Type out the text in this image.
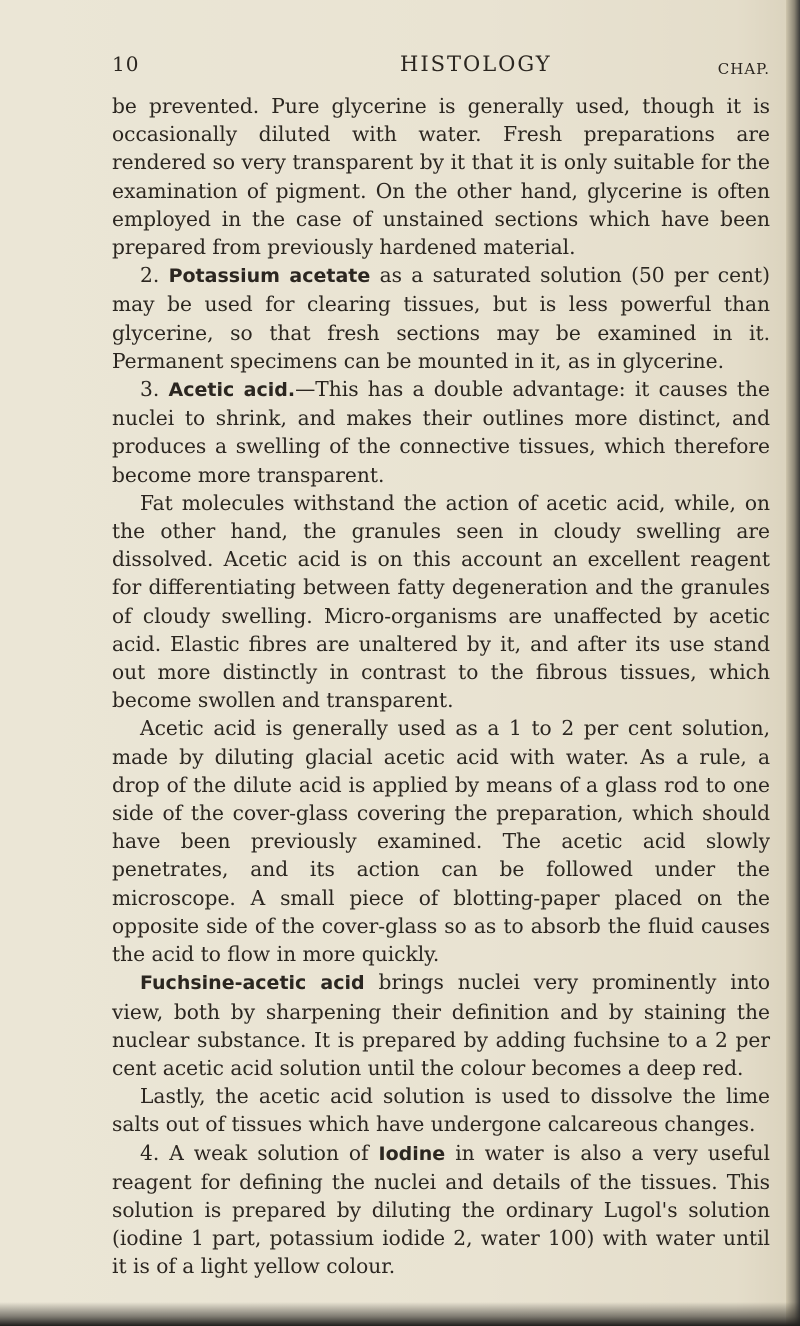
10	HISTOLOGY	CHAP.

be prevented. Pure glycerine is generally used, though it is occasionally diluted with water. Fresh preparations are rendered so very transparent by it that it is only suitable for the examination of pigment. On the other hand, glycerine is often employed in the case of unstained sections which have been prepared from previously hardened material.

2. Potassium acetate as a saturated solution (50 per cent) may be used for clearing tissues, but is less powerful than glycerine, so that fresh sections may be examined in it. Permanent specimens can be mounted in it, as in glycerine.

3. Acetic acid.—This has a double advantage: it causes the nuclei to shrink, and makes their outlines more distinct, and produces a swelling of the connective tissues, which therefore become more transparent.

Fat molecules withstand the action of acetic acid, while, on the other hand, the granules seen in cloudy swelling are dissolved. Acetic acid is on this account an excellent reagent for differentiating between fatty degeneration and the granules of cloudy swelling. Micro-organisms are unaffected by acetic acid. Elastic fibres are unaltered by it, and after its use stand out more distinctly in contrast to the fibrous tissues, which become swollen and transparent.

Acetic acid is generally used as a 1 to 2 per cent solution, made by diluting glacial acetic acid with water. As a rule, a drop of the dilute acid is applied by means of a glass rod to one side of the cover-glass covering the preparation, which should have been previously examined. The acetic acid slowly penetrates, and its action can be followed under the microscope. A small piece of blotting-paper placed on the opposite side of the cover-glass so as to absorb the fluid causes the acid to flow in more quickly.

Fuchsine-acetic acid brings nuclei very prominently into view, both by sharpening their definition and by staining the nuclear substance. It is prepared by adding fuchsine to a 2 per cent acetic acid solution until the colour becomes a deep red.

Lastly, the acetic acid solution is used to dissolve the lime salts out of tissues which have undergone calcareous changes.

4. A weak solution of Iodine in water is also a very useful reagent for defining the nuclei and details of the tissues. This solution is prepared by diluting the ordinary Lugol's solution (iodine 1 part, potassium iodide 2, water 100) with water until it is of a light yellow colour.
